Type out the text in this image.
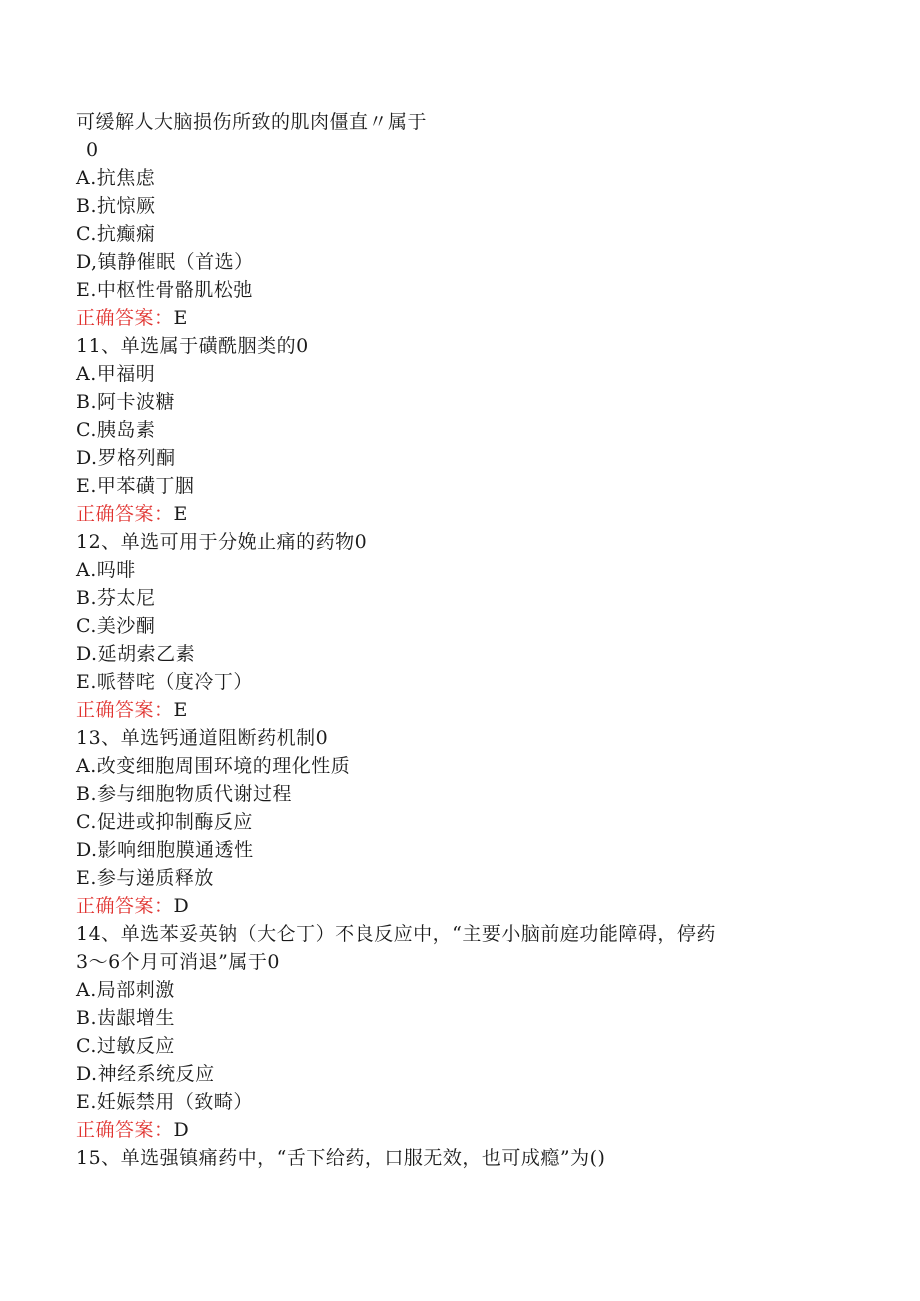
可缓解人大脑损伤所致的肌肉僵直〃属于
0
A.抗焦虑
B.抗惊厥
C.抗癫痫
D,镇静催眠（首选）
E.中枢性骨骼肌松弛
正确答案：E
11、单选属于磺酰胭类的0
A.甲福明
B.阿卡波糖
C.胰岛素
D.罗格列酮
E.甲苯磺丁胭
正确答案：E
12、单选可用于分娩止痛的药物0
A.吗啡
B.芬太尼
C.美沙酮
D.延胡索乙素
E.哌替咤（度冷丁）
正确答案：E
13、单选钙通道阻断药机制0
A.改变细胞周围环境的理化性质
B.参与细胞物质代谢过程
C.促进或抑制酶反应
D.影响细胞膜通透性
E.参与递质释放
正确答案：D
14、单选苯妥英钠（大仑丁）不良反应中，“主要小脑前庭功能障碍，停药
3～6个月可消退”属于0
A.局部刺激
B.齿龈增生
C.过敏反应
D.神经系统反应
E.妊娠禁用（致畸）
正确答案：D
15、单选强镇痛药中，“舌下给药，口服无效，也可成瘾”为()
